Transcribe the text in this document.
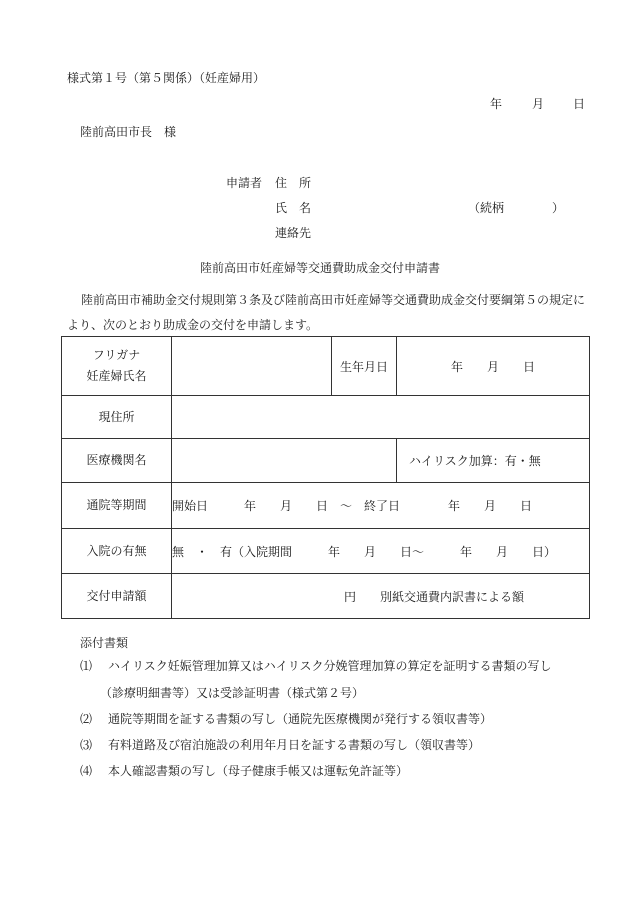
様式第１号（第５関係）（妊産婦用）
年	月 日
陸前高田市長　様
申請者 住　所
氏　名	（続柄　　　　）
連絡先
陸前高田市妊産婦等交通費助成金交付申請書
陸前高田市補助金交付規則第３条及び陸前高田市妊産婦等交通費助成金交付要綱第５の規定により、次のとおり助成金の交付を申請します。
フリガナ
妊産婦氏名		生年月日	年　　月　　日
現住所			
医療機関名			ハイリスク加算：有・無
通院等期間	開始日　　　年　　月　　日　～　終了日　　　　年　　月　　日		
入院の有無	無　・　有（入院期間　　　年　　月　　日～　　　年　　月　　日）		
交付申請額	円　　別紙交通費内訳書による額		
添付書類
⑴ ハイリスク妊娠管理加算又はハイリスク分娩管理加算の算定を証明する書類の写し
（診療明細書等）又は受診証明書（様式第２号）
⑵ 通院等期間を証する書類の写し（通院先医療機関が発行する領収書等）
⑶ 有料道路及び宿泊施設の利用年月日を証する書類の写し（領収書等）
⑷ 本人確認書類の写し（母子健康手帳又は運転免許証等）
